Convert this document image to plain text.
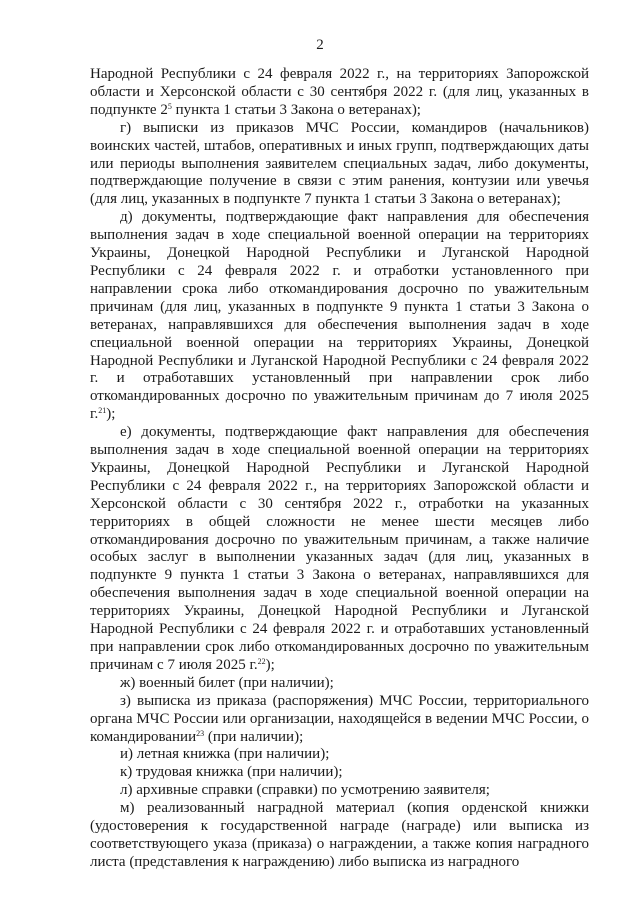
2

Народной Республики с 24 февраля 2022 г., на территориях Запорожской области и Херсонской области с 30 сентября 2022 г. (для лиц, указанных в подпункте $2^5$ пункта 1 статьи 3 Закона о ветеранах);

г) выписки из приказов МЧС России, командиров (начальников) воинских частей, штабов, оперативных и иных групп, подтверждающих даты или периоды выполнения заявителем специальных задач, либо документы, подтверждающие получение в связи с этим ранения, контузии или увечья (для лиц, указанных в подпункте 7 пункта 1 статьи 3 Закона о ветеранах);

д) документы, подтверждающие факт направления для обеспечения выполнения задач в ходе специальной военной операции на территориях Украины, Донецкой Народной Республики и Луганской Народной Республики с 24 февраля 2022 г. и отработки установленного при направлении срока либо откомандирования досрочно по уважительным причинам (для лиц, указанных в подпункте 9 пункта 1 статьи 3 Закона о ветеранах, направлявшихся для обеспечения выполнения задач в ходе специальной военной операции на территориях Украины, Донецкой Народной Республики и Луганской Народной Республики с 24 февраля 2022 г. и отработавших установленный при направлении срок либо откомандированных досрочно по уважительным причинам до 7 июля 2025 г.$^{21}$);

е) документы, подтверждающие факт направления для обеспечения выполнения задач в ходе специальной военной операции на территориях Украины, Донецкой Народной Республики и Луганской Народной Республики с 24 февраля 2022 г., на территориях Запорожской области и Херсонской области с 30 сентября 2022 г., отработки на указанных территориях в общей сложности не менее шести месяцев либо откомандирования досрочно по уважительным причинам, а также наличие особых заслуг в выполнении указанных задач (для лиц, указанных в подпункте 9 пункта 1 статьи 3 Закона о ветеранах, направлявшихся для обеспечения выполнения задач в ходе специальной военной операции на территориях Украины, Донецкой Народной Республики и Луганской Народной Республики с 24 февраля 2022 г. и отработавших установленный при направлении срок либо откомандированных досрочно по уважительным причинам с 7 июля 2025 г.$^{22}$);

ж) военный билет (при наличии);

з) выписка из приказа (распоряжения) МЧС России, территориального органа МЧС России или организации, находящейся в ведении МЧС России, о командировании$^{23}$ (при наличии);

и) летная книжка (при наличии);

к) трудовая книжка (при наличии);

л) архивные справки (справки) по усмотрению заявителя;

м) реализованный наградной материал (копия орденской книжки (удостоверения к государственной награде (награде) или выписка из соответствующего указа (приказа) о награждении, а также копия наградного листа (представления к награждению) либо выписка из наградного
